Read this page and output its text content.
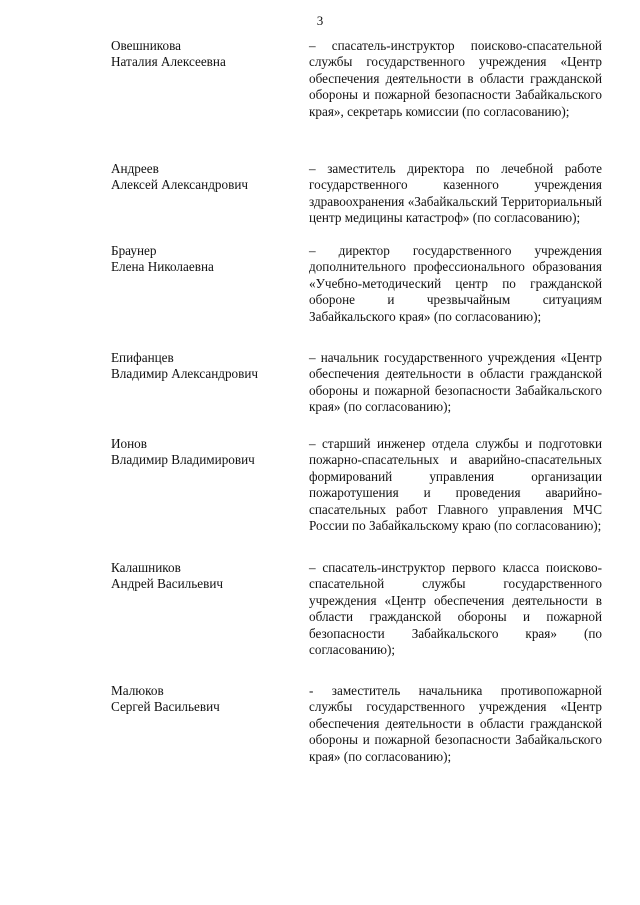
3
Овешникова
Наталия Алексеевна
– спасатель-инструктор поисково-спасательной службы государственного учреждения «Центр обеспечения деятельности в области гражданской обороны и пожарной безопасности Забайкальского края», секретарь комиссии (по согласованию);
Андреев
Алексей Александрович
– заместитель директора по лечебной работе государственного казенного учреждения здравоохранения «Забайкальский Территориальный центр медицины катастроф» (по согласованию);
Браунер
Елена Николаевна
– директор государственного учреждения дополнительного профессионального образования «Учебно-методический центр по гражданской обороне и чрезвычайным ситуациям Забайкальского края» (по согласованию);
Епифанцев
Владимир Александрович
– начальник государственного учреждения «Центр обеспечения деятельности в области гражданской обороны и пожарной безопасности Забайкальского края» (по согласованию);
Ионов
Владимир Владимирович
– старший инженер отдела службы и подготовки пожарно-спасательных и аварийно-спасательных формирований управления организации пожаротушения и проведения аварийно-спасательных работ Главного управления МЧС России по Забайкальскому краю (по согласованию);
Калашников
Андрей Васильевич
– спасатель-инструктор первого класса поисково-спасательной службы государственного учреждения «Центр обеспечения деятельности в области гражданской обороны и пожарной безопасности Забайкальского края» (по согласованию);
Малюков
Сергей Васильевич
- заместитель начальника противопожарной службы государственного учреждения «Центр обеспечения деятельности в области гражданской обороны и пожарной безопасности Забайкальского края» (по согласованию);
